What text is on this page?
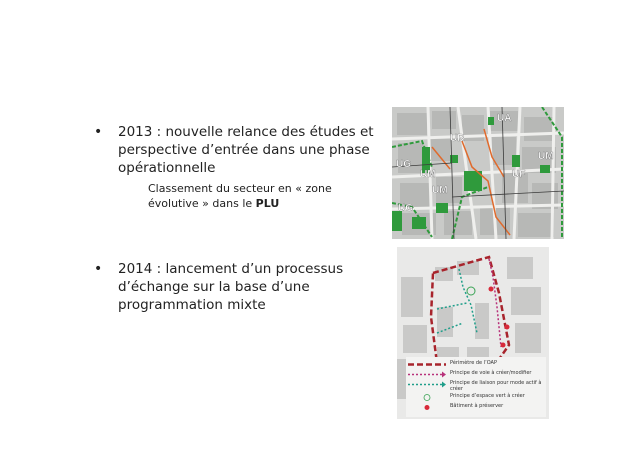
• 2013 : nouvelle relance des études et perspective d’entrée dans une phase opérationnelle
Classement du secteur en « zone évolutive » dans le PLU
• 2014 : lancement d’un processus d’échange sur la base d’une programmation mixte
UA
UR
UM
UG
UF
UM
UG
UM
Périmètre de l’OAP
Principe de voie à créer/modifier
Principe de liaison pour mode actif à créer
Principe d’espace vert à créer
Bâtiment à préserver
